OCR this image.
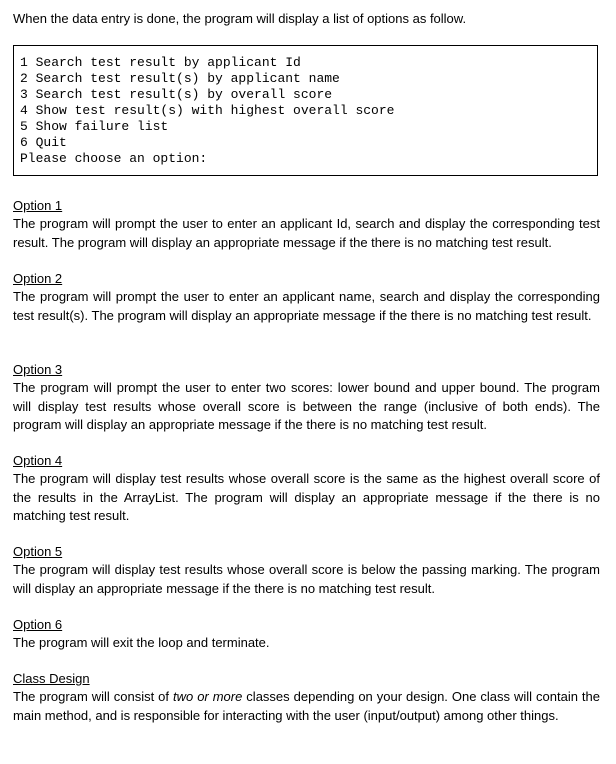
When the data entry is done, the program will display a list of options as follow.
1 Search test result by applicant Id
2 Search test result(s) by applicant name
3 Search test result(s) by overall score
4 Show test result(s) with highest overall score
5 Show failure list
6 Quit
Please choose an option:
Option 1
The program will prompt the user to enter an applicant Id, search and display the corresponding test result. The program will display an appropriate message if the there is no matching test result.
Option 2
The program will prompt the user to enter an applicant name, search and display the corresponding test result(s). The program will display an appropriate message if the there is no matching test result.
Option 3
The program will prompt the user to enter two scores: lower bound and upper bound. The program will display test results whose overall score is between the range (inclusive of both ends). The program will display an appropriate message if the there is no matching test result.
Option 4
The program will display test results whose overall score is the same as the highest overall score of the results in the ArrayList. The program will display an appropriate message if the there is no matching test result.
Option 5
The program will display test results whose overall score is below the passing marking. The program will display an appropriate message if the there is no matching test result.
Option 6
The program will exit the loop and terminate.
Class Design
The program will consist of two or more classes depending on your design. One class will contain the main method, and is responsible for interacting with the user (input/output) among other things.
